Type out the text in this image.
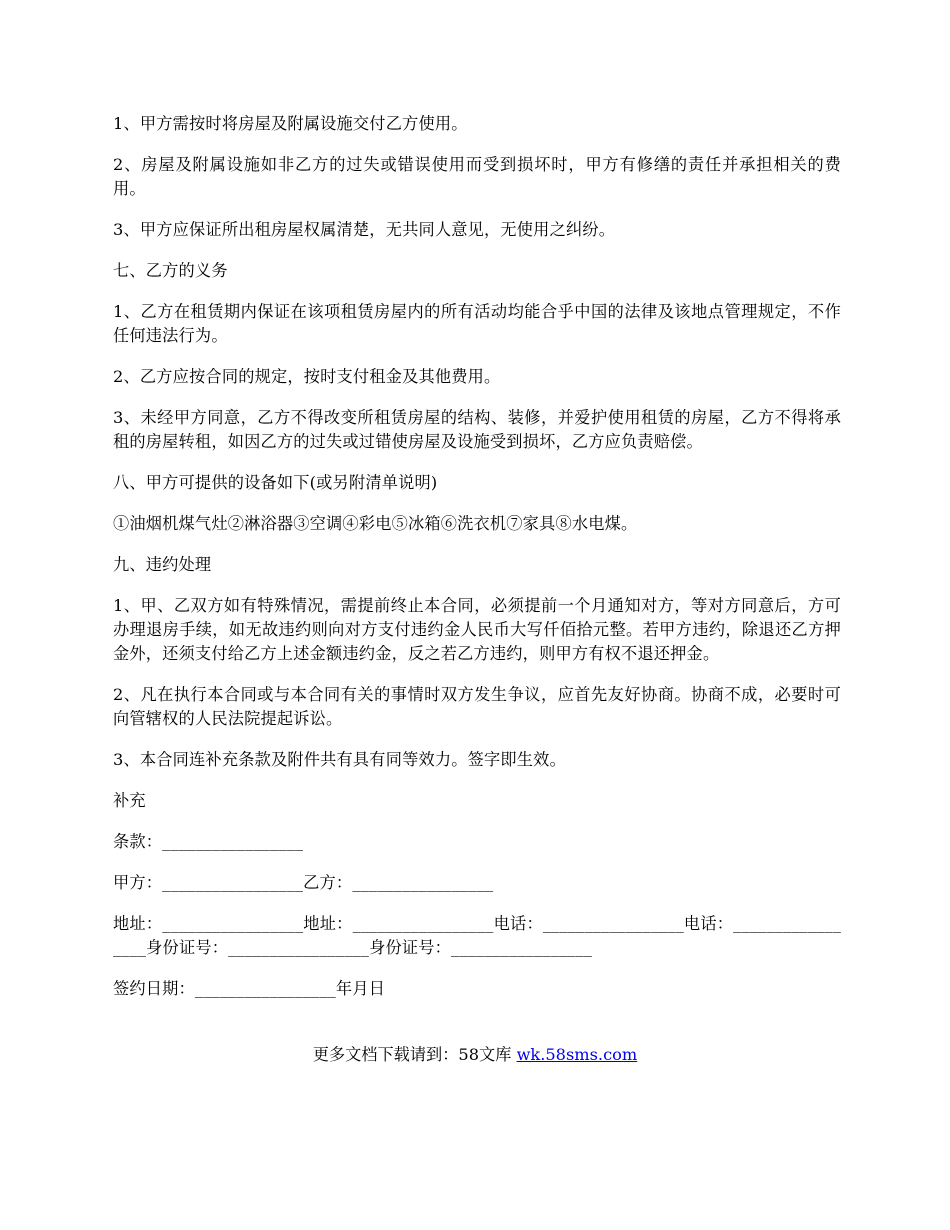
1、甲方需按时将房屋及附属设施交付乙方使用。

2、房屋及附属设施如非乙方的过失或错误使用而受到损坏时，甲方有修缮的责任并承担相关的费用。

3、甲方应保证所出租房屋权属清楚，无共同人意见，无使用之纠纷。

七、乙方的义务

1、乙方在租赁期内保证在该项租赁房屋内的所有活动均能合乎中国的法律及该地点管理规定，不作任何违法行为。

2、乙方应按合同的规定，按时支付租金及其他费用。

3、未经甲方同意，乙方不得改变所租赁房屋的结构、装修，并爱护使用租赁的房屋，乙方不得将承租的房屋转租，如因乙方的过失或过错使房屋及设施受到损坏，乙方应负责赔偿。

八、甲方可提供的设备如下(或另附清单说明)

①油烟机煤气灶②淋浴器③空调④彩电⑤冰箱⑥洗衣机⑦家具⑧水电煤。

九、违约处理

1、甲、乙双方如有特殊情况，需提前终止本合同，必须提前一个月通知对方，等对方同意后，方可办理退房手续，如无故违约则向对方支付违约金人民币大写仟佰拾元整。若甲方违约，除退还乙方押金外，还须支付给乙方上述金额违约金，反之若乙方违约，则甲方有权不退还押金。

2、凡在执行本合同或与本合同有关的事情时双方发生争议，应首先友好协商。协商不成，必要时可向管辖权的人民法院提起诉讼。

3、本合同连补充条款及附件共有具有同等效力。签字即生效。

补充

条款：_________________

甲方：_________________乙方：_________________

地址：_________________地址：_________________电话：_________________电话：_________________身份证号：_________________身份证号：_________________

签约日期：_________________年月日

更多文档下载请到：58文库 wk.58sms.com
